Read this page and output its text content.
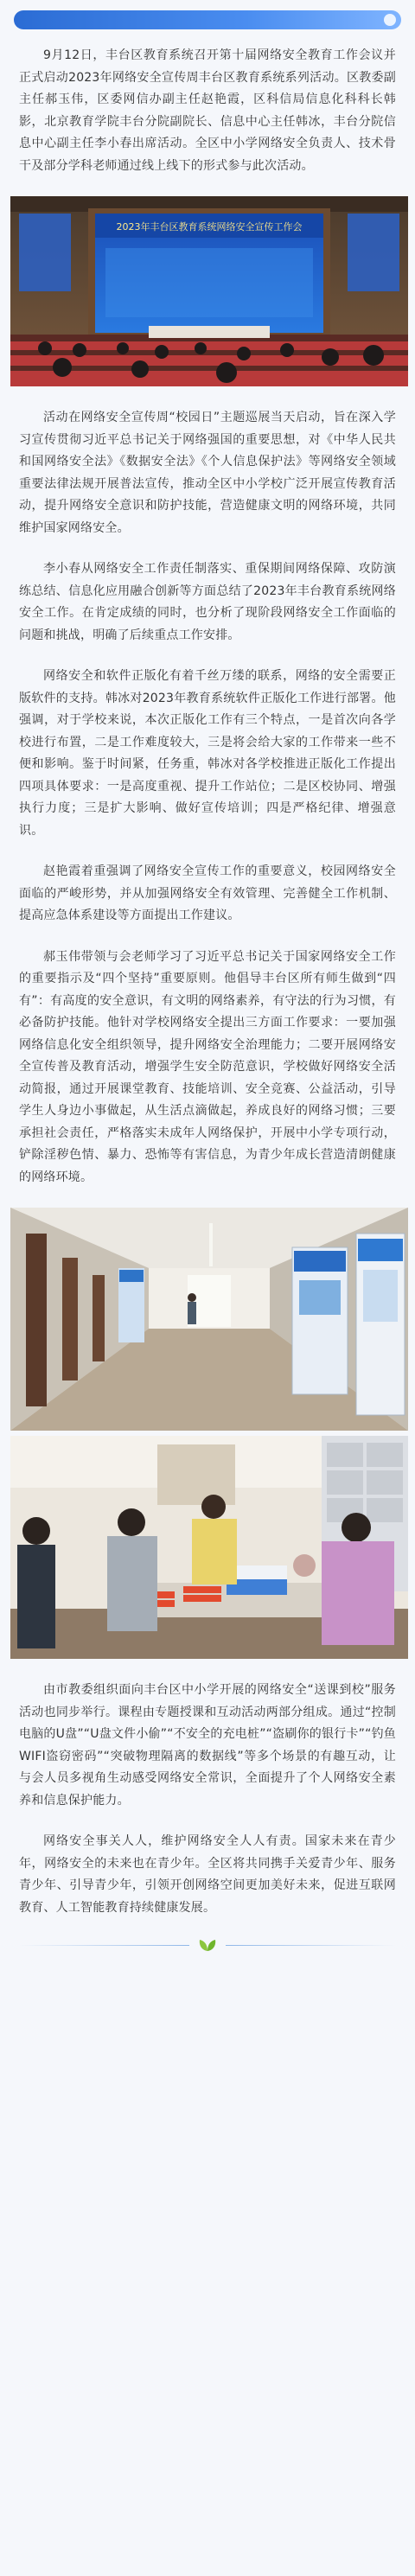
9月12日，丰台区教育系统召开第十届网络安全教育工作会议并正式启动2023年网络安全宣传周丰台区教育系统系列活动。区教委副主任郝玉伟，区委网信办副主任赵艳霞，区科信局信息化科科长韩影，北京教育学院丰台分院副院长、信息中心主任韩冰，丰台分院信息中心副主任李小春出席活动。全区中小学网络安全负责人、技术骨干及部分学科老师通过线上线下的形式参与此次活动。

2023年丰台区教育系统网络安全宣传工作会

活动在网络安全宣传周“校园日”主题巡展当天启动，旨在深入学习宣传贯彻习近平总书记关于网络强国的重要思想，对《中华人民共和国网络安全法》《数据安全法》《个人信息保护法》等网络安全领域重要法律法规开展普法宣传，推动全区中小学校广泛开展宣传教育活动，提升网络安全意识和防护技能，营造健康文明的网络环境，共同维护国家网络安全。

李小春从网络安全工作责任制落实、重保期间网络保障、攻防演练总结、信息化应用融合创新等方面总结了2023年丰台教育系统网络安全工作。在肯定成绩的同时，也分析了现阶段网络安全工作面临的问题和挑战，明确了后续重点工作安排。

网络安全和软件正版化有着千丝万缕的联系，网络的安全需要正版软件的支持。韩冰对2023年教育系统软件正版化工作进行部署。他强调，对于学校来说，本次正版化工作有三个特点，一是首次向各学校进行布置，二是工作难度较大，三是将会给大家的工作带来一些不便和影响。鉴于时间紧，任务重，韩冰对各学校推进正版化工作提出四项具体要求：一是高度重视、提升工作站位；二是区校协同、增强执行力度；三是扩大影响、做好宣传培训；四是严格纪律、增强意识。

赵艳霞着重强调了网络安全宣传工作的重要意义，校园网络安全面临的严峻形势，并从加强网络安全有效管理、完善健全工作机制、提高应急体系建设等方面提出工作建议。

郝玉伟带领与会老师学习了习近平总书记关于国家网络安全工作的重要指示及“四个坚持”重要原则。他倡导丰台区所有师生做到“四有”：有高度的安全意识，有文明的网络素养，有守法的行为习惯，有必备防护技能。他针对学校网络安全提出三方面工作要求：一要加强网络信息化安全组织领导，提升网络安全治理能力；二要开展网络安全宣传普及教育活动，增强学生安全防范意识，学校做好网络安全活动简报，通过开展课堂教育、技能培训、安全竞赛、公益活动，引导学生人身边小事做起，从生活点滴做起，养成良好的网络习惯；三要承担社会责任，严格落实未成年人网络保护，开展中小学专项行动，铲除淫秽色情、暴力、恐怖等有害信息，为青少年成长营造清朗健康的网络环境。

由市教委组织面向丰台区中小学开展的网络安全“送课到校”服务活动也同步举行。课程由专题授课和互动活动两部分组成。通过“控制电脑的U盘”“U盘文件小偷”“不安全的充电桩”“盗刷你的银行卡”“钓鱼WIFI盗窃密码”“突破物理隔离的数据线”等多个场景的有趣互动，让与会人员多视角生动感受网络安全常识，全面提升了个人网络安全素养和信息保护能力。

网络安全事关人人，维护网络安全人人有责。国家未来在青少年，网络安全的未来也在青少年。全区将共同携手关爱青少年、服务青少年、引导青少年，引领开创网络空间更加美好未来，促进互联网教育、人工智能教育持续健康发展。
